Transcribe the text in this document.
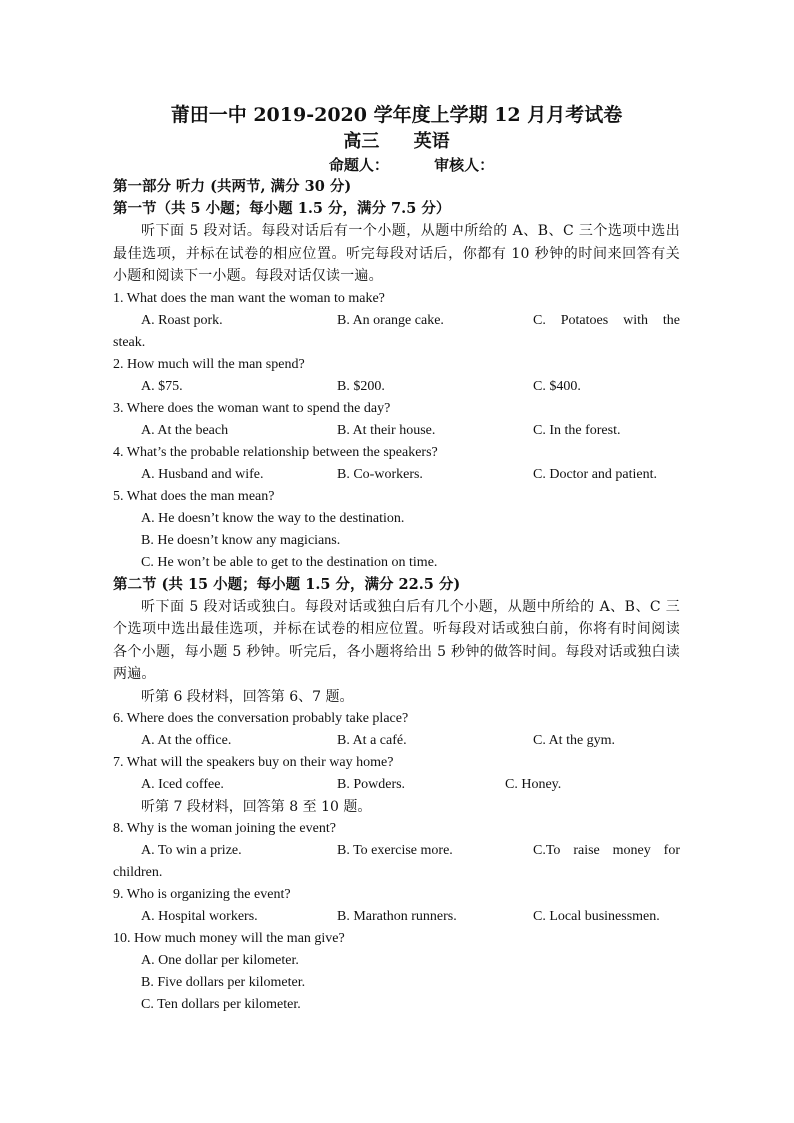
莆田一中 2019-2020 学年度上学期 12 月月考试卷

高三 英语

命题人：	审核人：

第一部分 听力 (共两节, 满分 30 分)

第一节（共 5 小题；每小题 1.5 分，满分 7.5 分）

听下面 5 段对话。每段对话后有一个小题，从题中所给的 A、B、C 三个选项中选出最佳选项，并标在试卷的相应位置。听完每段对话后，你都有 10 秒钟的时间来回答有关小题和阅读下一小题。每段对话仅读一遍。

1. What does the man want the woman to make?

A. Roast pork.	B. An orange cake.	C. Potatoes with the

steak.

2. How much will the man spend?

A. $75.	B. $200.	C. $400.

3. Where does the woman want to spend the day?

A. At the beach	B. At their house.	C. In the forest.

4. What’s the probable relationship between the speakers?

A. Husband and wife.	B. Co-workers.	C. Doctor and patient.

5. What does the man mean?

A. He doesn’t know the way to the destination.

B. He doesn’t know any magicians.

C. He won’t be able to get to the destination on time.

第二节 (共 15 小题；每小题 1.5 分，满分 22.5 分)

听下面 5 段对话或独白。每段对话或独白后有几个小题，从题中所给的 A、B、C 三个选项中选出最佳选项，并标在试卷的相应位置。听每段对话或独白前，你将有时间阅读各个小题，每小题 5 秒钟。听完后，各小题将给出 5 秒钟的做答时间。每段对话或独白读两遍。

听第 6 段材料，回答第 6、7 题。

6. Where does the conversation probably take place?

A. At the office.	B. At a café.	C. At the gym.

7. What will the speakers buy on their way home?

A. Iced coffee.	B. Powders.	C. Honey.

听第 7 段材料，回答第 8 至 10 题。

8. Why is the woman joining the event?

A. To win a prize.	B. To exercise more.	C.To raise money for

children.

9. Who is organizing the event?

A. Hospital workers.	B. Marathon runners.	C. Local businessmen.

10. How much money will the man give?

A. One dollar per kilometer.

B. Five dollars per kilometer.

C. Ten dollars per kilometer.
